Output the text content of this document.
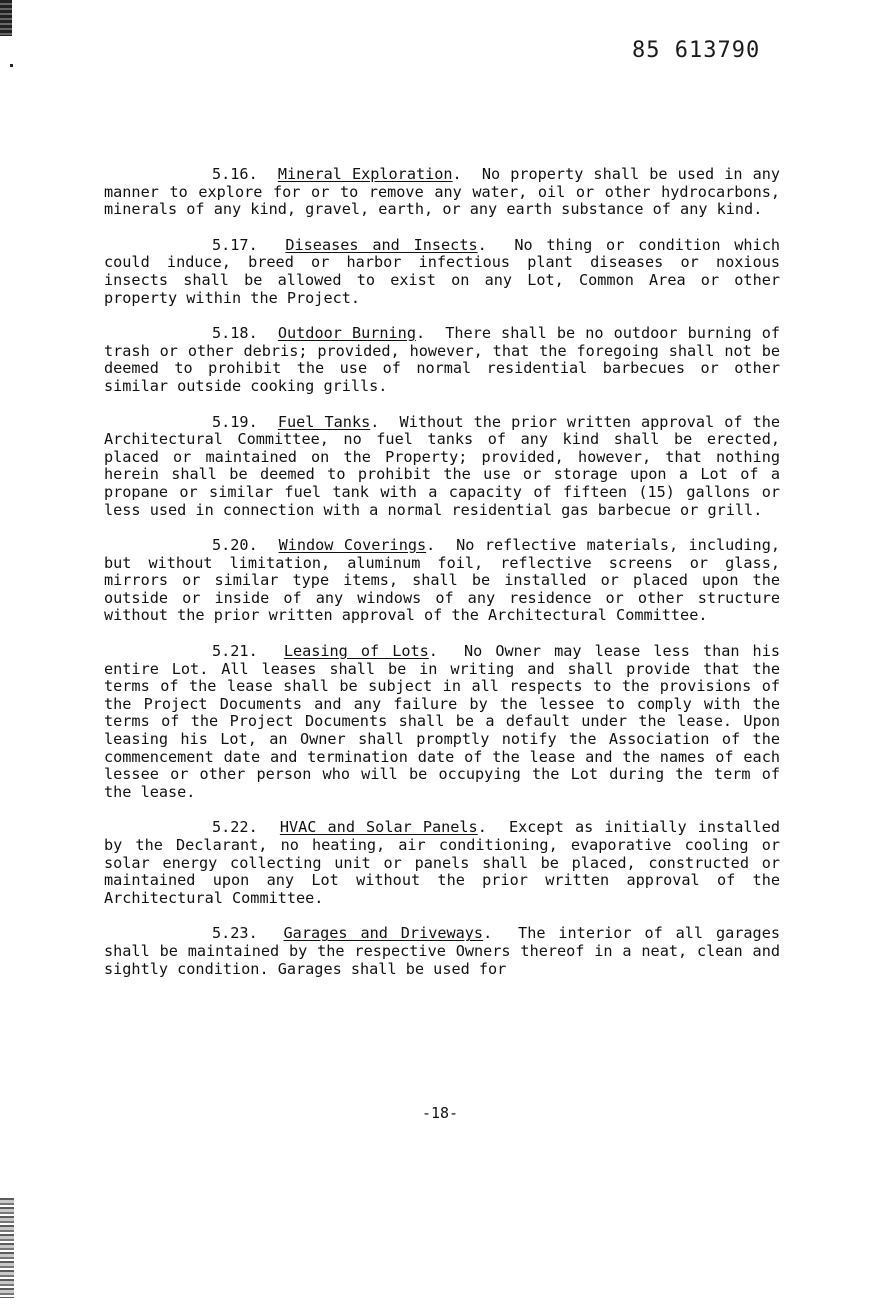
85 613790

5.16. Mineral Exploration.  No property shall be used in any manner to explore for or to remove any water, oil or other hydrocarbons, minerals of any kind, gravel, earth, or any earth substance of any kind.

5.17. Diseases and Insects.  No thing or condition which could induce, breed or harbor infectious plant diseases or noxious insects shall be allowed to exist on any Lot, Common Area or other property within the Project.

5.18. Outdoor Burning.  There shall be no outdoor burning of trash or other debris; provided, however, that the foregoing shall not be deemed to prohibit the use of normal residential barbecues or other similar outside cooking grills.

5.19. Fuel Tanks.  Without the prior written approval of the Architectural Committee, no fuel tanks of any kind shall be erected, placed or maintained on the Property; provided, however, that nothing herein shall be deemed to prohibit the use or storage upon a Lot of a propane or similar fuel tank with a capacity of fifteen (15) gallons or less used in connection with a normal residential gas barbecue or grill.

5.20. Window Coverings.  No reflective materials, including, but without limitation, aluminum foil, reflective screens or glass, mirrors or similar type items, shall be installed or placed upon the outside or inside of any windows of any residence or other structure without the prior written approval of the Architectural Committee.

5.21. Leasing of Lots.  No Owner may lease less than his entire Lot. All leases shall be in writing and shall provide that the terms of the lease shall be subject in all respects to the provisions of the Project Documents and any failure by the lessee to comply with the terms of the Project Documents shall be a default under the lease. Upon leasing his Lot, an Owner shall promptly notify the Association of the commencement date and termination date of the lease and the names of each lessee or other person who will be occupying the Lot during the term of the lease.

5.22. HVAC and Solar Panels.  Except as initially installed by the Declarant, no heating, air conditioning, evaporative cooling or solar energy collecting unit or panels shall be placed, constructed or maintained upon any Lot without the prior written approval of the Architectural Committee.

5.23. Garages and Driveways.  The interior of all garages shall be maintained by the respective Owners thereof in a neat, clean and sightly condition. Garages shall be used for

-18-
